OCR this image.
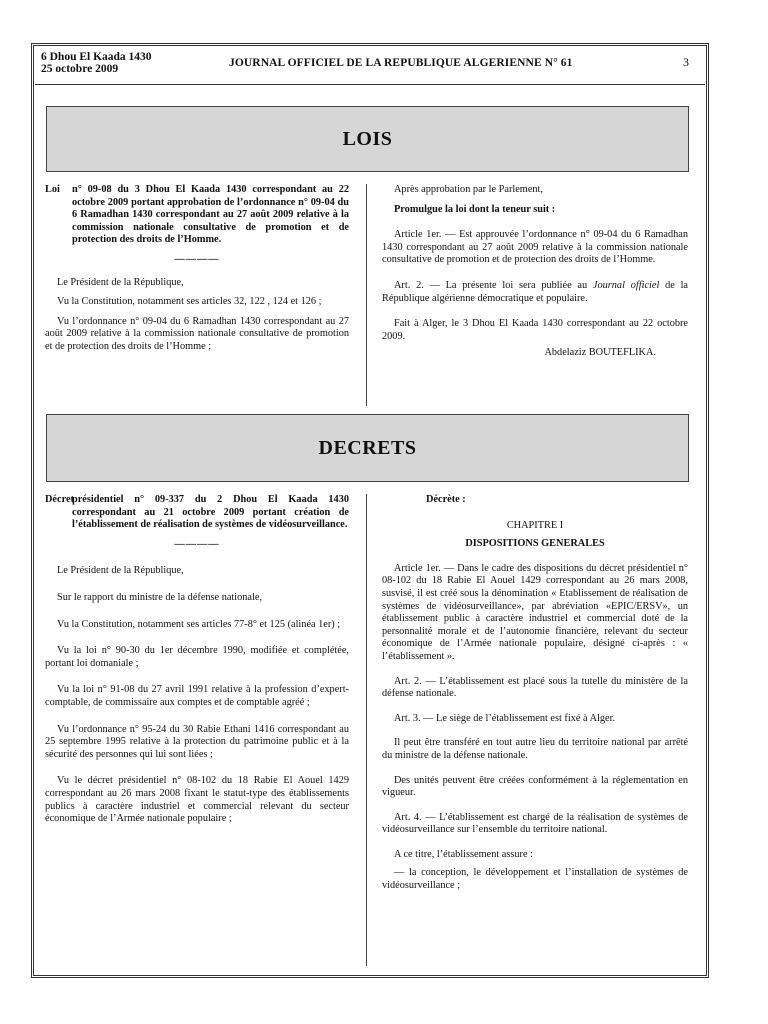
6 Dhou El Kaada 1430
25 octobre 2009	JOURNAL OFFICIEL DE LA REPUBLIQUE ALGERIENNE N° 61	3
LOIS

Loi n° 09-08 du 3 Dhou El Kaada 1430 correspondant au 22 octobre 2009 portant approbation de l’ordonnance n° 09-04 du 6 Ramadhan 1430 correspondant au 27 août 2009 relative à la commission nationale consultative de promotion et de protection des droits de l’Homme.

————

Le Président de la République,

Vu la Constitution, notamment ses articles 32, 122 , 124 et 126 ;

Vu l’ordonnance n° 09-04 du 6 Ramadhan 1430 correspondant au 27 août 2009 relative à la commission nationale consultative de promotion et de protection des droits de l’Homme ;

Après approbation par le Parlement,

Promulgue la loi dont la teneur suit :

Article 1er. — Est approuvée l’ordonnance n° 09-04 du 6 Ramadhan 1430 correspondant au 27 août 2009 relative à la commission nationale consultative de promotion et de protection des droits de l’Homme.

Art. 2. — La présente loi sera publiée au Journal officiel de la République algérienne démocratique et populaire.

Fait à Alger, le 3 Dhou El Kaada 1430 correspondant au 22 octobre 2009.

Abdelaziz BOUTEFLIKA.

DECRETS

Décret
présidentiel n° 09-337 du 2 Dhou El Kaada 1430 correspondant au 21 octobre 2009 portant création de l’établissement de réalisation de systèmes de vidéosurveillance.

————

Le Président de la République,

Sur le rapport du ministre de la défense nationale,

Vu la Constitution, notamment ses articles 77-8° et 125 (alinéa 1er) ;

Vu la loi n° 90-30 du 1er décembre 1990, modifiée et complétée, portant loi domaniale ;

Vu la loi n° 91-08 du 27 avril 1991 relative à la profession d’expert-comptable, de commissaire aux comptes et de comptable agréé ;

Vu l’ordonnance n° 95-24 du 30 Rabie Ethani 1416 correspondant au 25 septembre 1995 relative à la protection du patrimoine public et à la sécurité des personnes qui lui sont liées ;

Vu le décret présidentiel n° 08-102 du 18 Rabie El Aouel 1429 correspondant au 26 mars 2008 fixant le statut-type des établissements publics à caractère industriel et commercial relevant du secteur économique de l’Armée nationale populaire ;

Décrète :

CHAPITRE I

DISPOSITIONS GENERALES

Article 1er. — Dans le cadre des dispositions du décret présidentiel n° 08-102 du 18 Rabie El Aouel 1429 correspondant au 26 mars 2008, susvisé, il est créé sous la dénomination « Etablissement de réalisation de systèmes de vidéosurveillance», par abréviation «EPIC/ERSV», un établissement public à caractère industriel et commercial doté de la personnalité morale et de l’autonomie financière, relevant du secteur économique de l’Armée nationale populaire, désigné ci-après : « l’établissement ».

Art. 2. — L’établissement est placé sous la tutelle du ministère de la défense nationale.

Art. 3. — Le siège de l’établissement est fixé à Alger.

Il peut être transféré en tout autre lieu du territoire national par arrêté du ministre de la défense nationale.

Des unités peuvent être créées conformément à la réglementation en vigueur.

Art. 4. — L’établissement est chargé de la réalisation de systèmes de vidéosurveillance sur l’ensemble du territoire national.

A ce titre, l’établissement assure :

— la conception, le développement et l’installation de systèmes de vidéosurveillance ;
